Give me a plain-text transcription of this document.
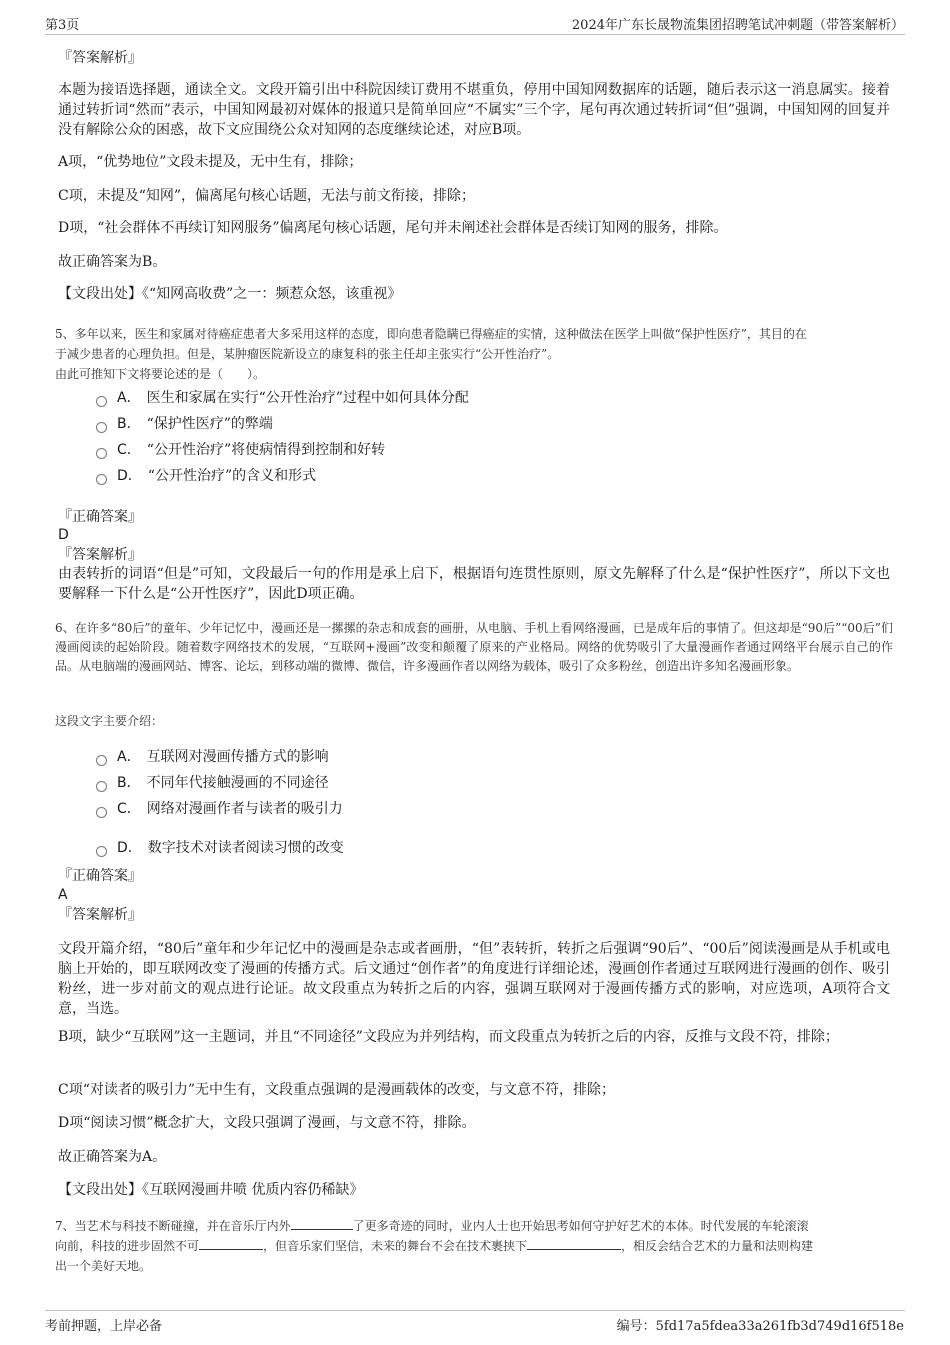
第3页	2024年广东长晟物流集团招聘笔试冲刺题（带答案解析）
『答案解析』
本题为接语选择题，通读全文。文段开篇引出中科院因续订费用不堪重负，停用中国知网数据库的话题，随后表示这一消息属实。接着通过转折词“然而”表示，中国知网最初对媒体的报道只是简单回应“不属实”三个字，尾句再次通过转折词“但”强调，中国知网的回复并没有解除公众的困惑，故下文应围绕公众对知网的态度继续论述，对应B项。
A项，“优势地位”文段未提及，无中生有，排除；
C项，未提及“知网”，偏离尾句核心话题，无法与前文衔接，排除；
D项，“社会群体不再续订知网服务”偏离尾句核心话题，尾句并未阐述社会群体是否续订知网的服务，排除。
故正确答案为B。
【文段出处】《“知网高收费”之一：频惹众怒，该重视》
5、多年以来，医生和家属对待癌症患者大多采用这样的态度，即向患者隐瞒已得癌症的实情，这种做法在医学上叫做“保护性医疗”，其目的在
于减少患者的心理负担。但是，某肿瘤医院新设立的康复科的张主任却主张实行“公开性治疗”。
由此可推知下文将要论述的是（　　）。
A． 医生和家属在实行“公开性治疗”过程中如何具体分配
B． “保护性医疗”的弊端
C． “公开性治疗”将使病情得到控制和好转
D． “公开性治疗”的含义和形式
『正确答案』
D
『答案解析』
由表转折的词语“但是”可知，文段最后一句的作用是承上启下，根据语句连贯性原则，原文先解释了什么是“保护性医疗”，所以下文也要解释一下什么是“公开性医疗”，因此D项正确。
6、在许多“80后”的童年、少年记忆中，漫画还是一摞摞的杂志和成套的画册，从电脑、手机上看网络漫画，已是成年后的事情了。但这却是“90后”“00后”们漫画阅读的起始阶段。随着数字网络技术的发展，“互联网+漫画”改变和颠覆了原来的产业格局。网络的优势吸引了大量漫画作者通过网络平台展示自己的作品。从电脑端的漫画网站、博客、论坛，到移动端的微博、微信，许多漫画作者以网络为载体，吸引了众多粉丝，创造出许多知名漫画形象。
这段文字主要介绍：
A． 互联网对漫画传播方式的影响
B． 不同年代接触漫画的不同途径
C． 网络对漫画作者与读者的吸引力
D． 数字技术对读者阅读习惯的改变
『正确答案』
A
『答案解析』
文段开篇介绍，“80后”童年和少年记忆中的漫画是杂志或者画册，“但”表转折，转折之后强调“90后”、“00后”阅读漫画是从手机或电脑上开始的，即互联网改变了漫画的传播方式。后文通过“创作者”的角度进行详细论述，漫画创作者通过互联网进行漫画的创作、吸引粉丝，进一步对前文的观点进行论证。故文段重点为转折之后的内容，强调互联网对于漫画传播方式的影响，对应选项，A项符合文意，当选。
B项，缺少“互联网”这一主题词，并且“不同途径”文段应为并列结构，而文段重点为转折之后的内容，反推与文段不符，排除；
C项“对读者的吸引力”无中生有，文段重点强调的是漫画载体的改变，与文意不符，排除；
D项“阅读习惯”概念扩大，文段只强调了漫画，与文意不符，排除。
故正确答案为A。
【文段出处】《互联网漫画井喷 优质内容仍稀缺》
7、当艺术与科技不断碰撞，并在音乐厅内外	了更多奇迹的同时，业内人士也开始思考如何守护好艺术的本体。时代发展的车轮滚滚
向前，科技的进步固然不可	，但音乐家们坚信，未来的舞台不会在技术裹挟下	，相反会结合艺术的力量和法则构建
出一个美好天地。
考前押题，上岸必备	编号：5fd17a5fdea33a261fb3d749d16f518e
